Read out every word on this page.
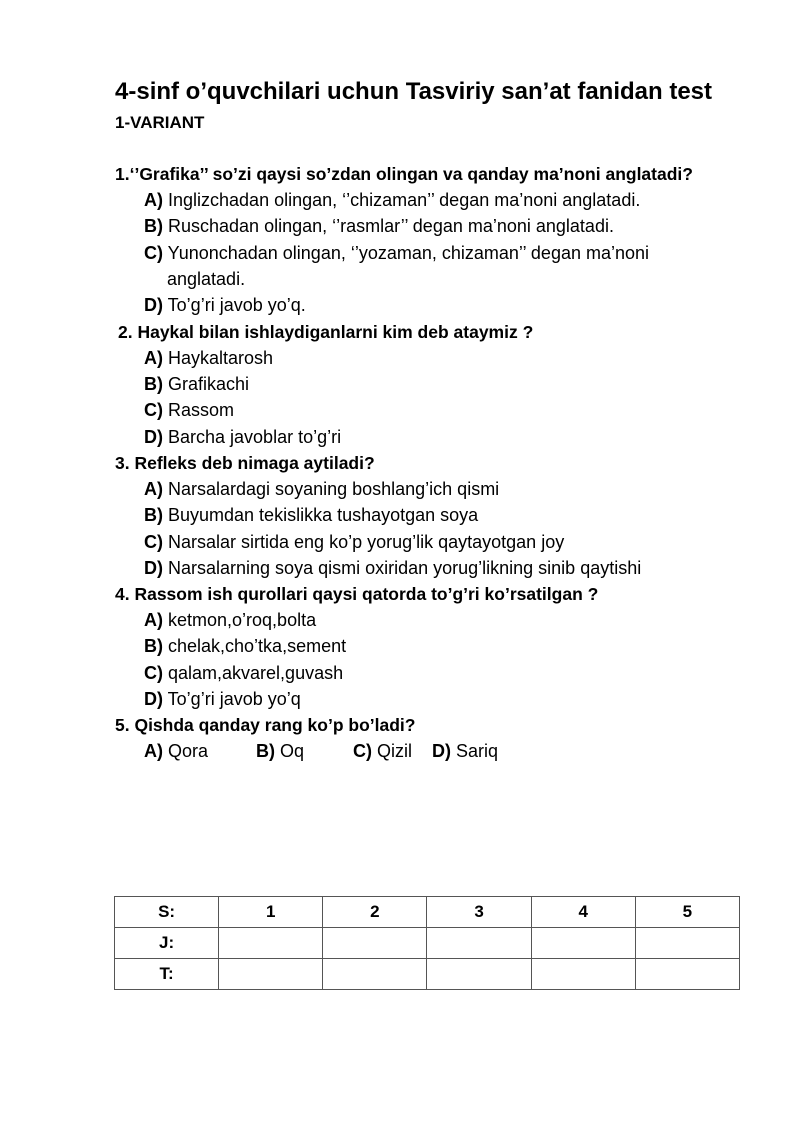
4-sinf o’quvchilari uchun Tasviriy san’at fanidan test
1-VARIANT
1.‘’Grafika’’ so’zi qaysi so’zdan olingan va qanday ma’noni anglatadi?
A) Inglizchadan olingan, ‘’chizaman’’ degan ma’noni anglatadi.
B) Ruschadan olingan, ‘’rasmlar’’ degan ma’noni anglatadi.
C) Yunonchadan olingan, ‘’yozaman, chizaman’’ degan ma’noni
anglatadi.
D) To’g’ri javob yo’q.
2. Haykal bilan ishlaydiganlarni kim deb ataymiz ?
A) Haykaltarosh
B) Grafikachi
C) Rassom
D) Barcha javoblar to’g’ri
3. Refleks deb nimaga aytiladi?
A) Narsalardagi soyaning boshlang’ich qismi
B) Buyumdan tekislikka tushayotgan soya
C) Narsalar sirtida eng ko’p yorug’lik qaytayotgan joy
D) Narsalarning soya qismi oxiridan yorug’likning sinib qaytishi
4. Rassom ish qurollari qaysi qatorda to’g’ri ko’rsatilgan ?
A) ketmon,o’roq,bolta
B) chelak,cho’tka,sement
C) qalam,akvarel,guvash
D) To’g’ri javob yo’q
5. Qishda qanday rang ko’p bo’ladi?
A) Qora	B) Oq	C) Qizil D) Sariq
S:	1	2	3	4	5
J:					
T:					
